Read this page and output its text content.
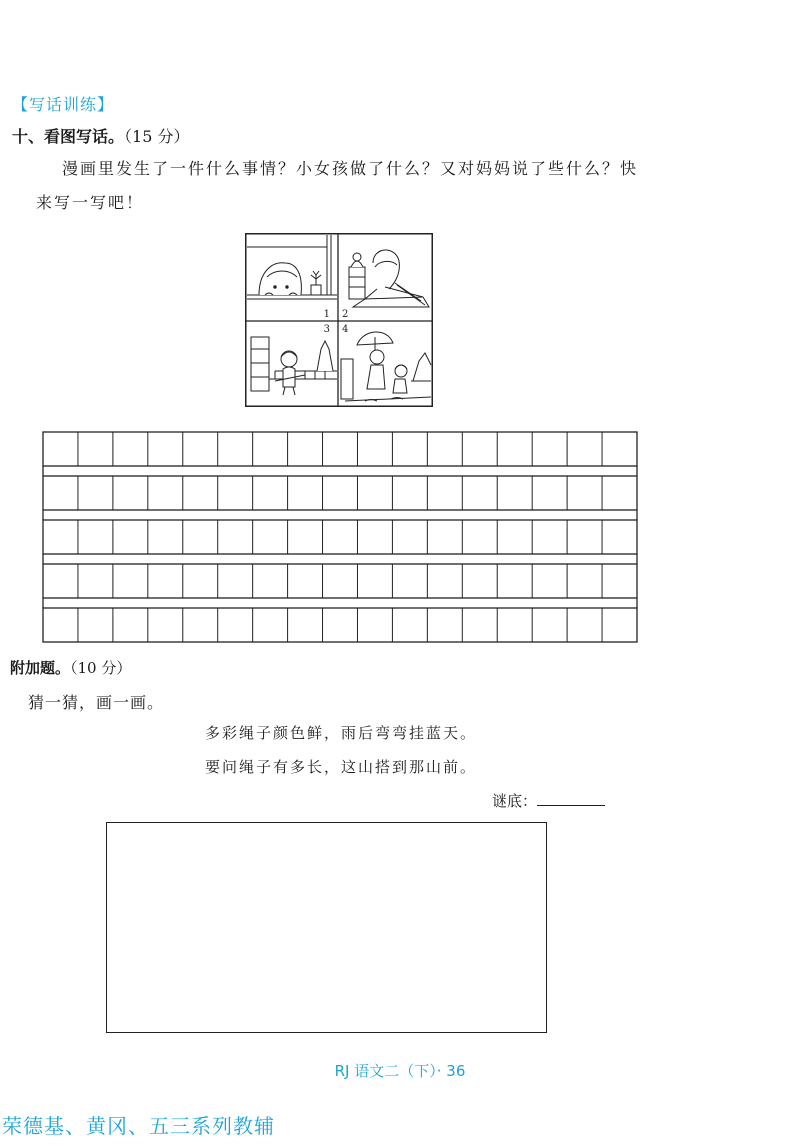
【写话训练】
十、看图写话。（15 分）
漫画里发生了一件什么事情？小女孩做了什么？又对妈妈说了些什么？快
来写一写吧！
1 2
3 4
附加题。（10 分）
猜一猜，画一画。
多彩绳子颜色鲜，雨后弯弯挂蓝天。
要问绳子有多长，这山搭到那山前。
谜底：
RJ 语文二（下）· 36
荣德基、黄冈、五三系列教辅
